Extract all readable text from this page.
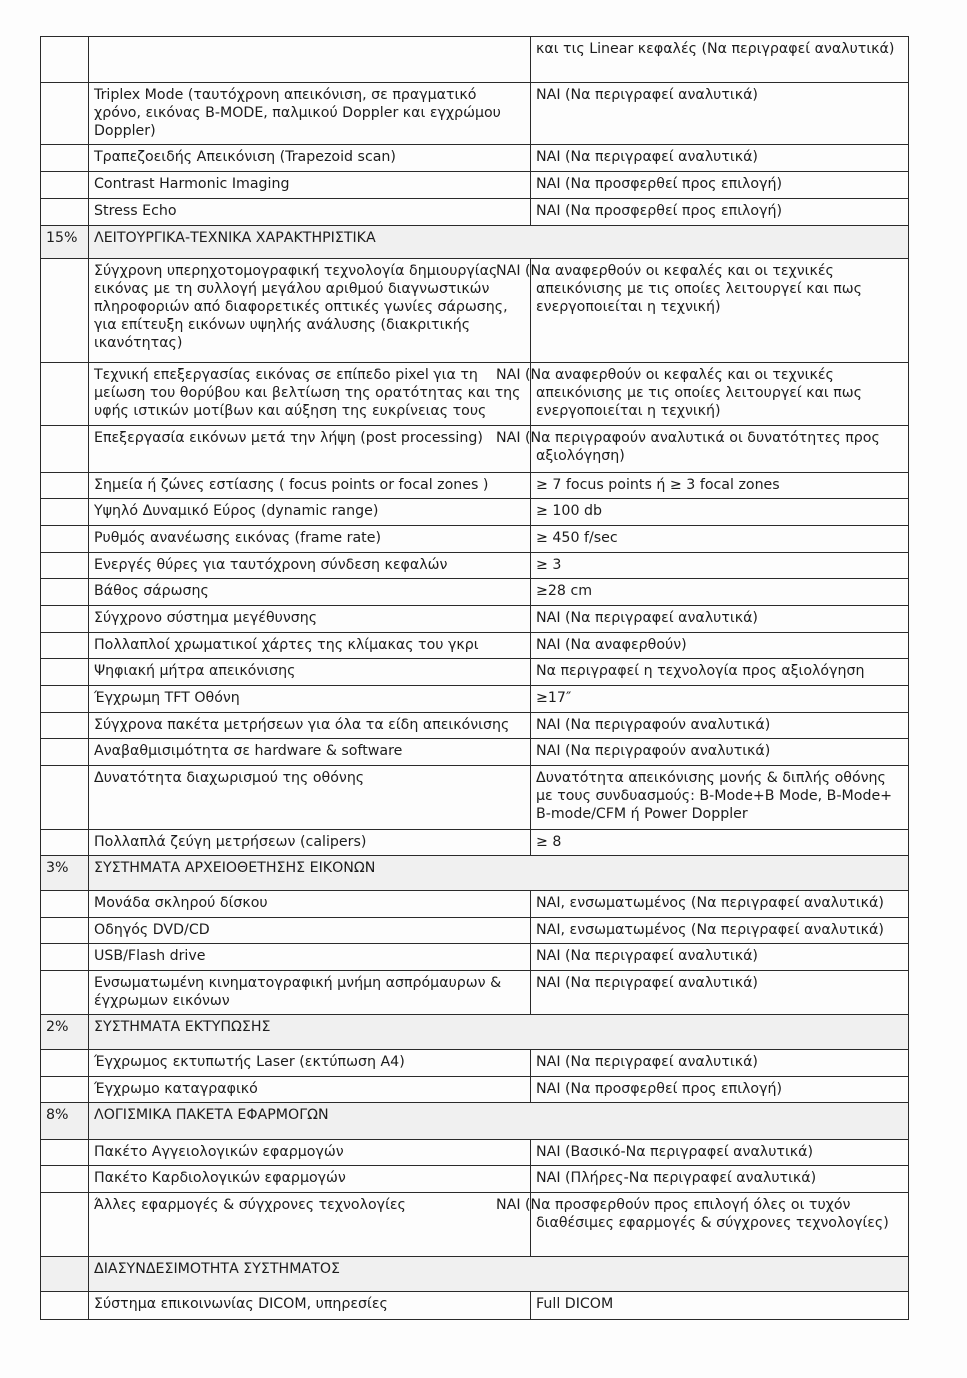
		και τις Linear κεφαλές (Να περιγραφεί αναλυτικά)
	Triplex Mode (ταυτόχρονη απεικόνιση, σε πραγματικό χρόνο, εικόνας B-MODE, παλμικού Doppler και εγχρώμου Doppler)	ΝΑΙ (Να περιγραφεί αναλυτικά)
	Τραπεζοειδής Απεικόνιση (Trapezoid scan)	ΝΑΙ (Να περιγραφεί αναλυτικά)
	Contrast Harmonic Imaging	ΝΑΙ (Να προσφερθεί προς επιλογή)
	Stress Echo	ΝΑΙ (Να προσφερθεί προς επιλογή)
15%	ΛΕΙΤΟΥΡΓΙΚΑ-ΤΕΧΝΙΚΑ ΧΑΡΑΚΤΗΡΙΣΤΙΚΑ	
	Σύγχρονη υπερηχοτομογραφική τεχνολογία δημιουργίας εικόνας με τη συλλογή μεγάλου αριθμού διαγνωστικών πληροφοριών από διαφορετικές οπτικές γωνίες σάρωσης, για επίτευξη εικόνων υψηλής ανάλυσης (διακριτικής ικανότητας)	ΝΑΙ (Να αναφερθούν οι κεφαλές και οι τεχνικές απεικόνισης με τις οποίες λειτουργεί και πως ενεργοποιείται η τεχνική)
	Τεχνική επεξεργασίας εικόνας σε επίπεδο pixel για τη μείωση του θορύβου και βελτίωση της ορατότητας και της υφής ιστικών μοτίβων και αύξηση της ευκρίνειας τους	ΝΑΙ (Να αναφερθούν οι κεφαλές και οι τεχνικές απεικόνισης με τις οποίες λειτουργεί και πως ενεργοποιείται η τεχνική)
	Επεξεργασία εικόνων μετά την λήψη (post processing)	ΝΑΙ (Να περιγραφούν αναλυτικά οι δυνατότητες προς αξιολόγηση)
	Σημεία ή ζώνες εστίασης ( focus points or focal zones )	≥ 7 focus points ή ≥ 3 focal zones
	Υψηλό Δυναμικό Εύρος (dynamic range)	≥ 100 db
	Ρυθμός ανανέωσης εικόνας (frame rate)	≥ 450 f/sec
	Ενεργές θύρες για ταυτόχρονη σύνδεση κεφαλών	≥ 3
	Βάθος σάρωσης	≥28 cm
	Σύγχρονο σύστημα μεγέθυνσης	ΝΑΙ (Να περιγραφεί αναλυτικά)
	Πολλαπλοί χρωματικοί χάρτες της κλίμακας του γκρι	ΝΑΙ (Να αναφερθούν)
	Ψηφιακή μήτρα απεικόνισης	Να περιγραφεί η τεχνολογία προς αξιολόγηση
	Έγχρωμη TFT Οθόνη	≥17″
	Σύγχρονα πακέτα μετρήσεων για όλα τα είδη απεικόνισης	ΝΑΙ (Να περιγραφούν αναλυτικά)
	Αναβαθμισιμότητα σε hardware & software	ΝΑΙ (Να περιγραφούν αναλυτικά)
	Δυνατότητα διαχωρισμού της οθόνης	Δυνατότητα απεικόνισης μονής & διπλής οθόνης με τους συνδυασμούς: B-Mode+B Mode, B-Mode+ B-mode/CFM ή Power Doppler
	Πολλαπλά ζεύγη μετρήσεων (calipers)	≥ 8
3%	ΣΥΣΤΗΜΑΤΑ ΑΡΧΕΙΟΘΕΤΗΣΗΣ ΕΙΚΟΝΩΝ	
	Μονάδα σκληρού δίσκου	ΝΑΙ, ενσωματωμένος (Να περιγραφεί αναλυτικά)
	Οδηγός DVD/CD	ΝΑΙ, ενσωματωμένος (Να περιγραφεί αναλυτικά)
	USB/Flash drive	ΝΑΙ (Να περιγραφεί αναλυτικά)
	Ενσωματωμένη κινηματογραφική μνήμη ασπρόμαυρων & έγχρωμων εικόνων	ΝΑΙ (Να περιγραφεί αναλυτικά)
2%	ΣΥΣΤΗΜΑΤΑ ΕΚΤΥΠΩΣΗΣ	
	Έγχρωμος εκτυπωτής Laser (εκτύπωση Α4)	ΝΑΙ (Να περιγραφεί αναλυτικά)
	Έγχρωμο καταγραφικό	ΝΑΙ (Να προσφερθεί προς επιλογή)
8%	ΛΟΓΙΣΜΙΚΑ ΠΑΚΕΤΑ ΕΦΑΡΜΟΓΩΝ	
	Πακέτο Αγγειολογικών εφαρμογών	ΝΑΙ (Βασικό-Να περιγραφεί αναλυτικά)
	Πακέτο Καρδιολογικών εφαρμογών	ΝΑΙ (Πλήρες-Να περιγραφεί αναλυτικά)
	Άλλες εφαρμογές & σύγχρονες τεχνολογίες	ΝΑΙ (Να προσφερθούν προς επιλογή όλες οι τυχόν διαθέσιμες εφαρμογές & σύγχρονες τεχνολογίες)
	ΔΙΑΣΥΝΔΕΣΙΜΟΤΗΤΑ ΣΥΣΤΗΜΑΤΟΣ	
	Σύστημα επικοινωνίας DICOM, υπηρεσίες	Full DICOM
